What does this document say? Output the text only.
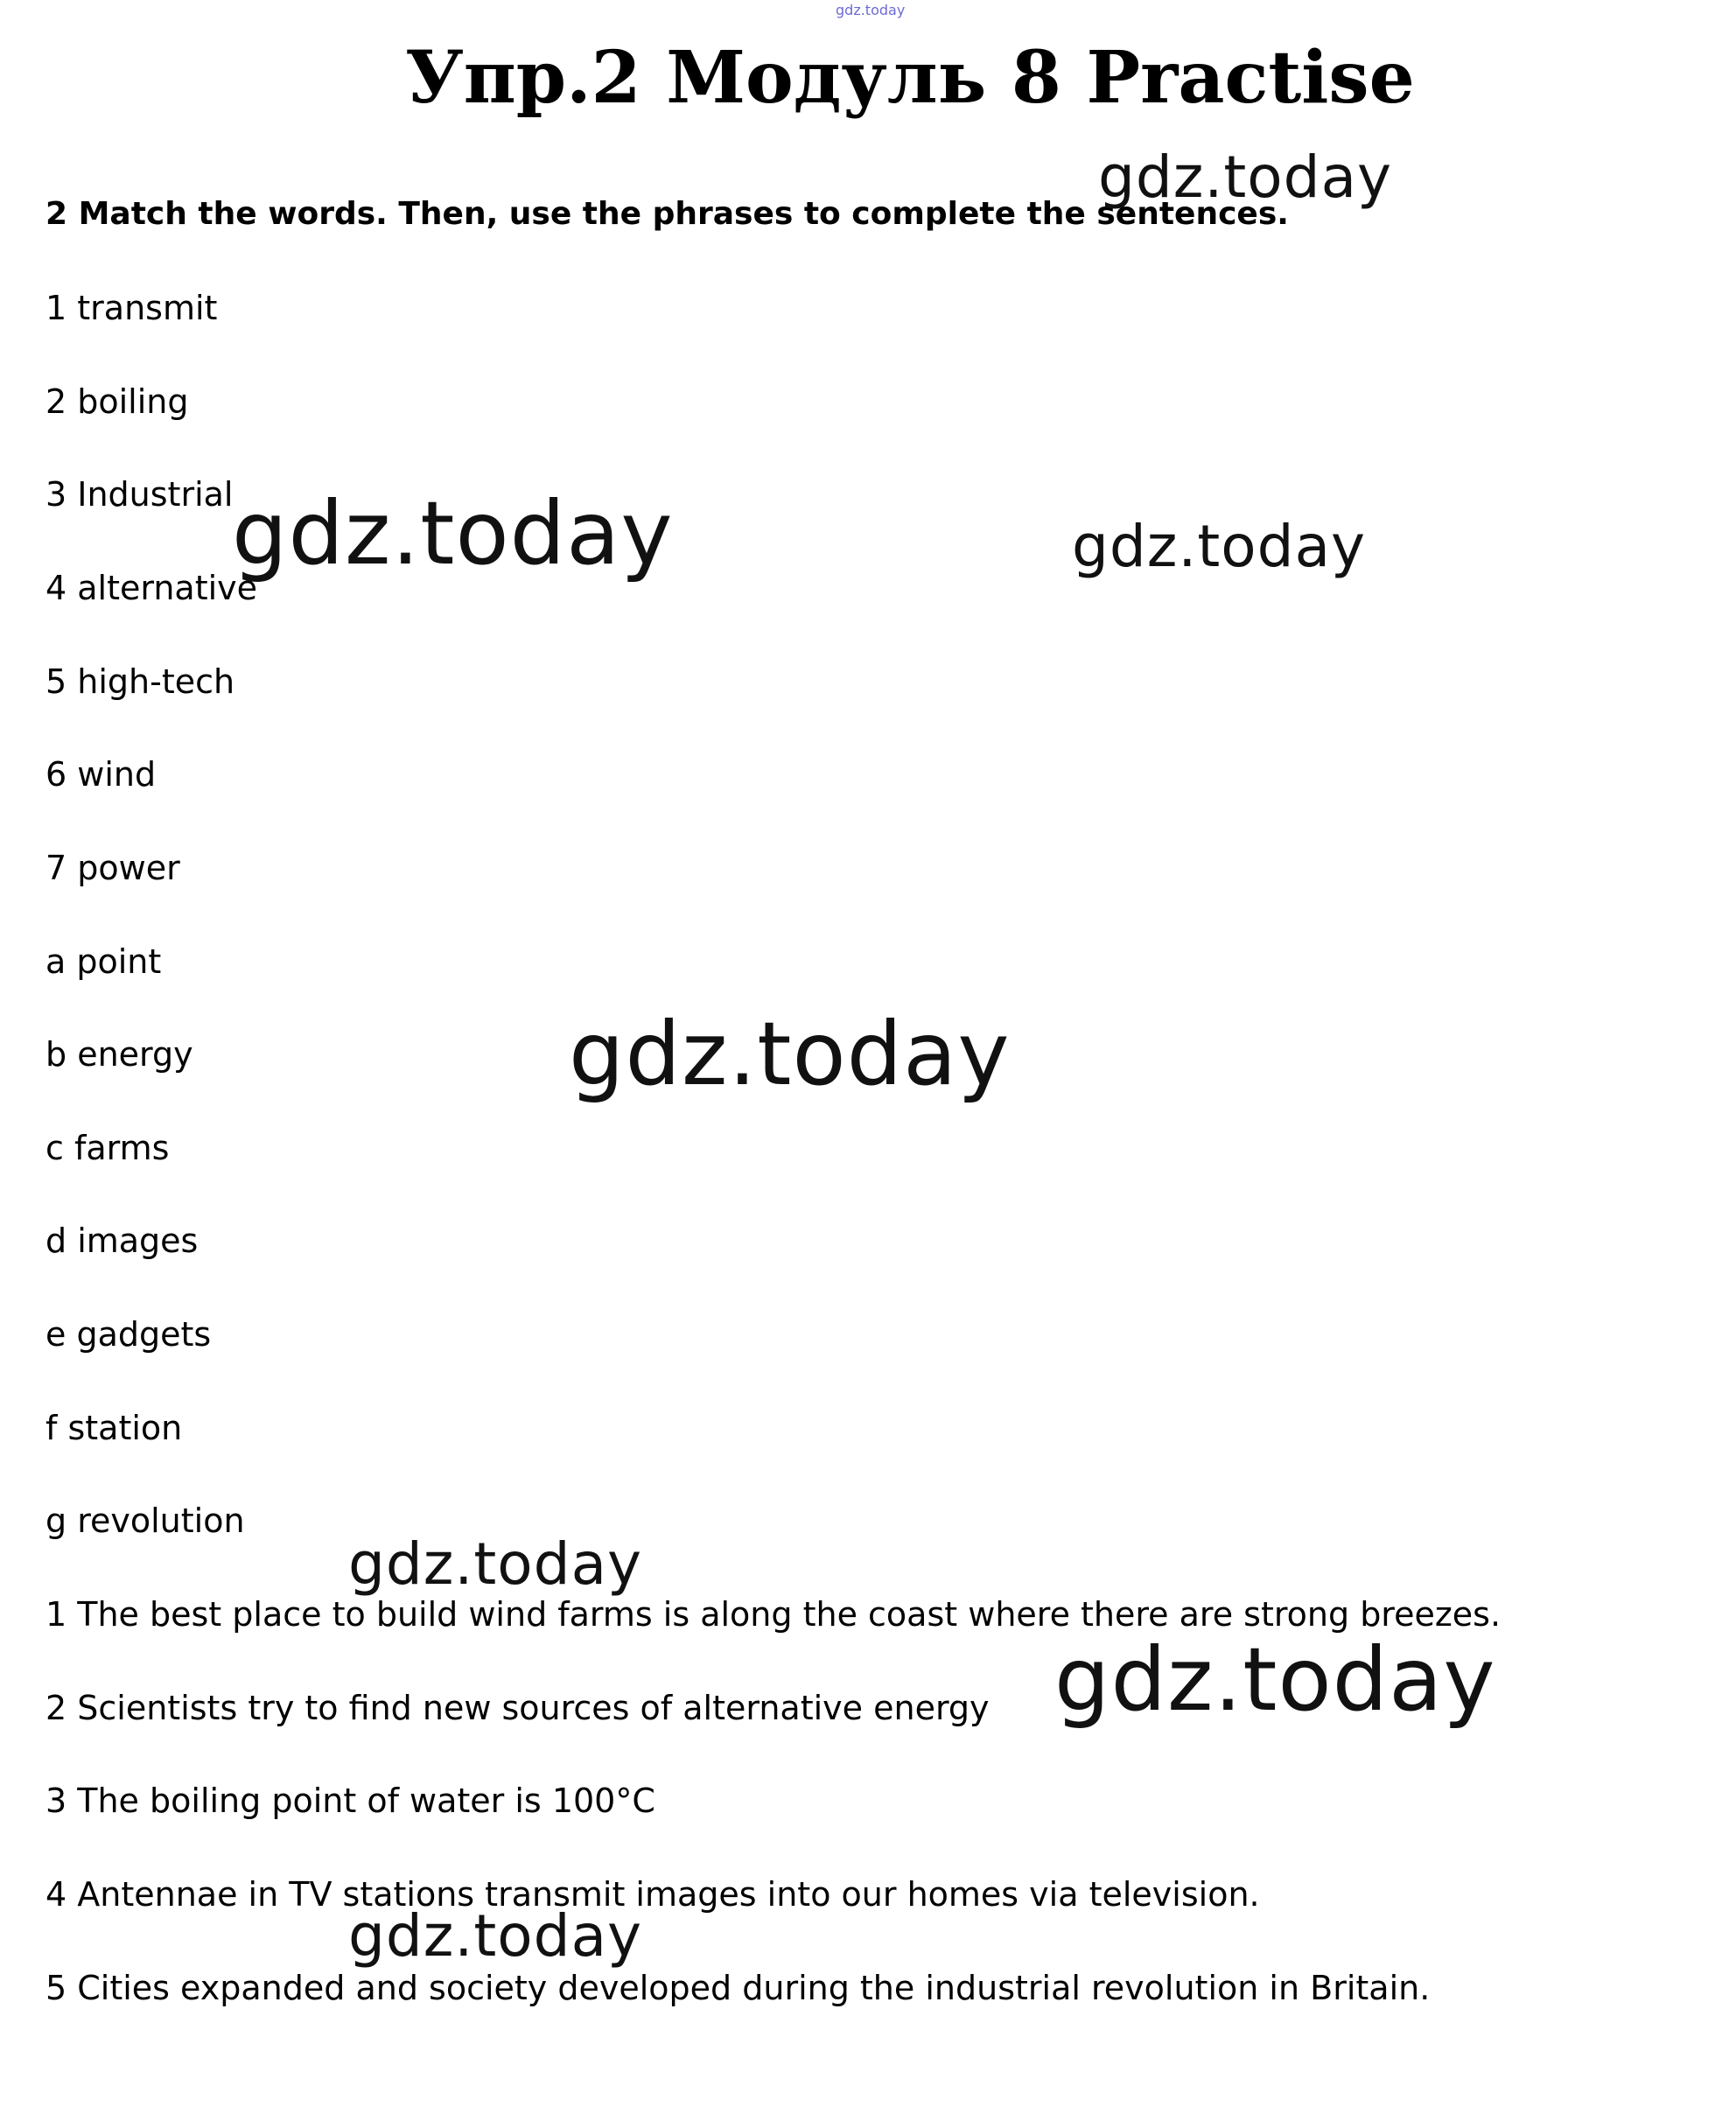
gdz.today
Упр.2 Модуль 8 Practise
2 Match the words. Then, use the phrases to complete the sentences.
1 transmit
2 boiling
3 Industrial
4 alternative
5 high-tech
6 wind
7 power
a point
b energy
c farms
d images
e gadgets
f station
g revolution
1 The best place to build wind farms is along the coast where there are strong breezes.
2 Scientists try to find new sources of alternative energy
3 The boiling point of water is 100°C
4 Antennae in TV stations transmit images into our homes via television.
5 Cities expanded and society developed during the industrial revolution in Britain.
gdz.today
gdz.today	gdz.today
gdz.today
gdz.today
gdz.today
gdz.today
